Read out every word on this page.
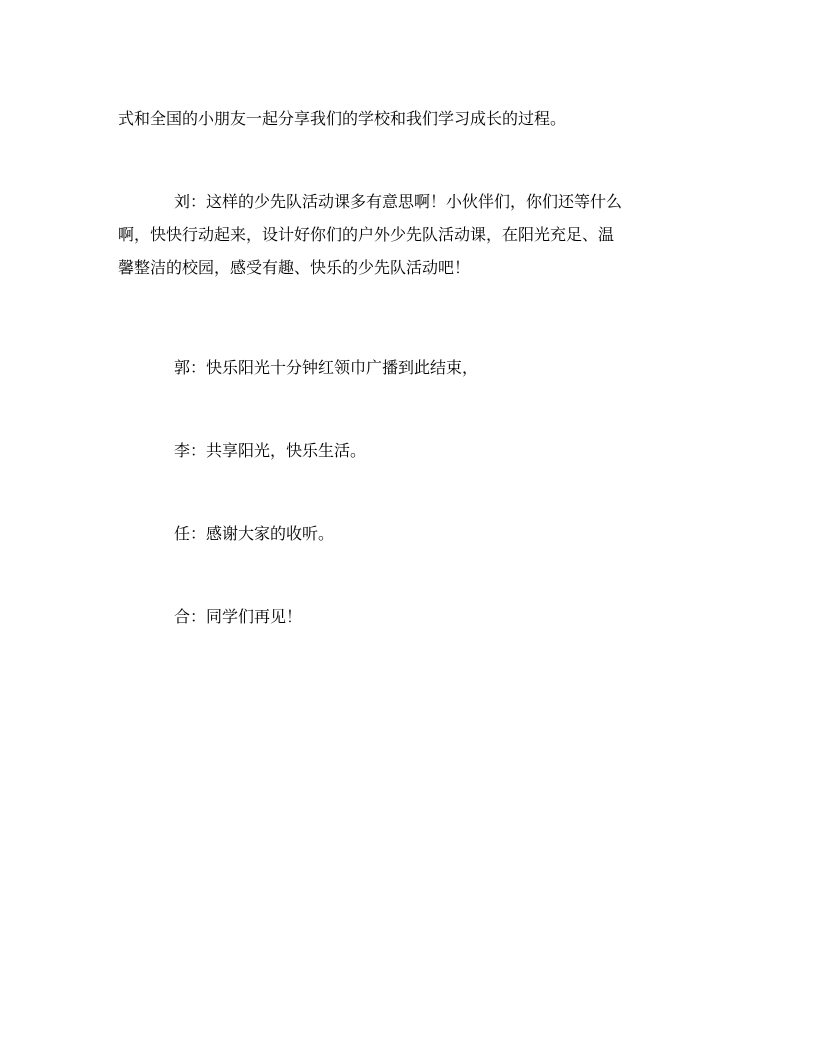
式和全国的小朋友一起分享我们的学校和我们学习成长的过程。
刘：这样的少先队活动课多有意思啊！小伙伴们，你们还等什么
啊，快快行动起来，设计好你们的户外少先队活动课，在阳光充足、温
馨整洁的校园，感受有趣、快乐的少先队活动吧！
郭：快乐阳光十分钟红领巾广播到此结束，
李：共享阳光，快乐生活。
任：感谢大家的收听。
合：同学们再见！
